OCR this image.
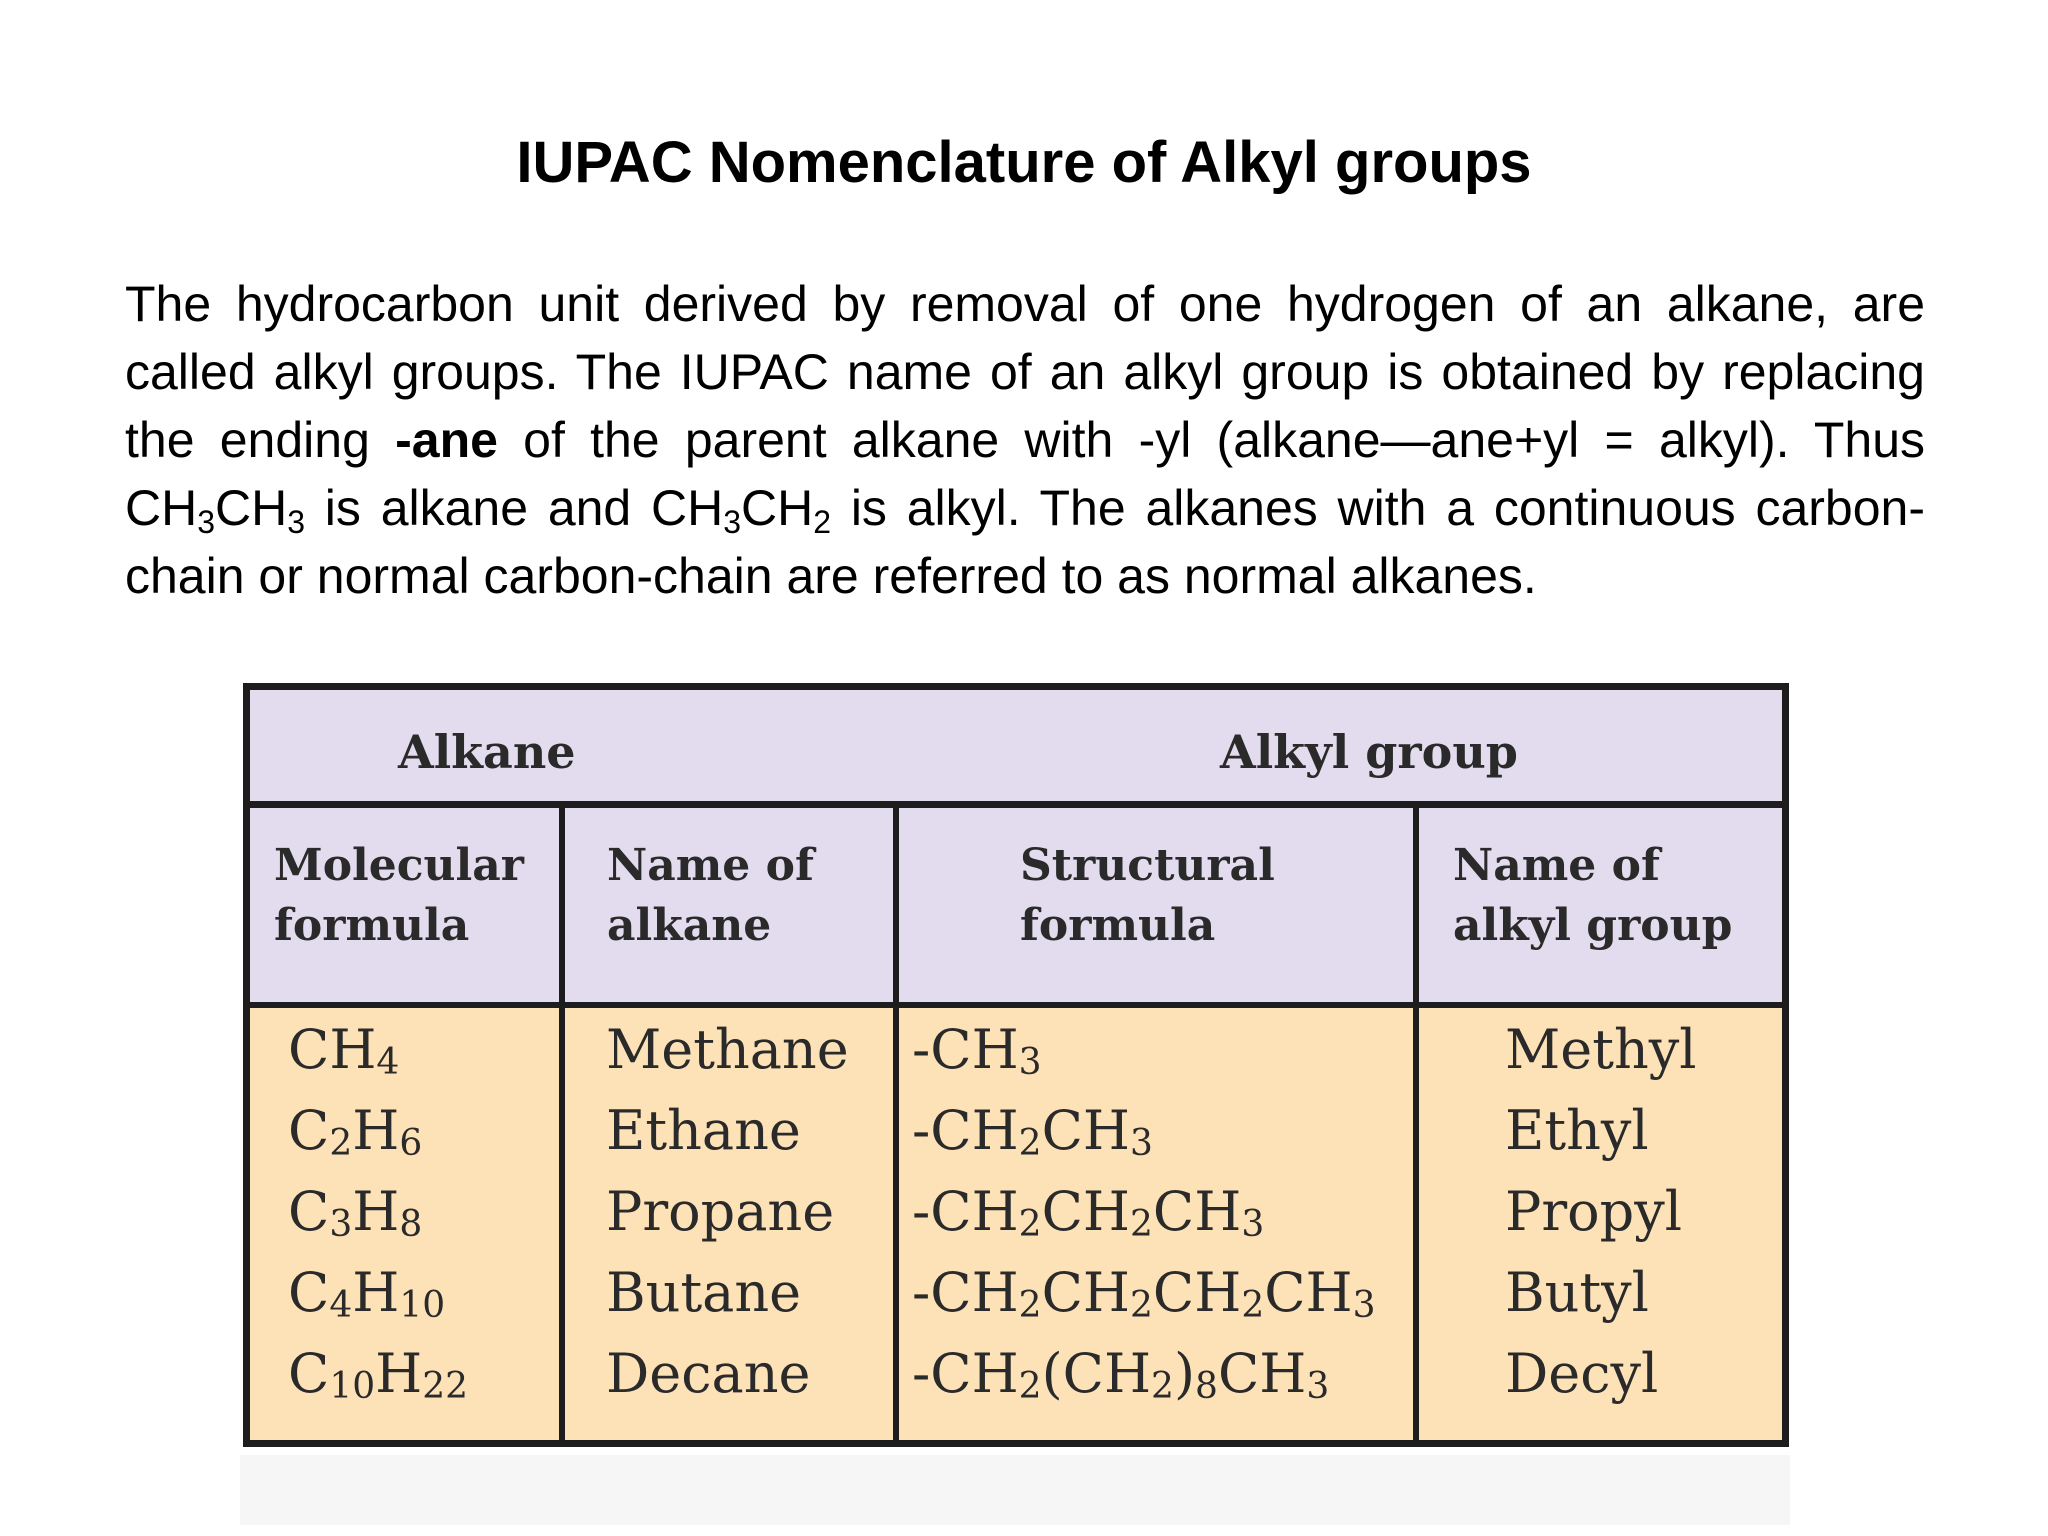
IUPAC Nomenclature of Alkyl groups

The hydrocarbon unit derived by removal of one hydrogen of an alkane, are called alkyl groups. The IUPAC name of an alkyl group is obtained by replacing the ending -ane of the parent alkane with -yl (alkane—ane+yl = alkyl). Thus $CH_3CH_3$ is alkane and $CH_3CH_2$ is alkyl. The alkanes with a continuous carbon-chain or normal carbon-chain are referred to as normal alkanes.

Alkane	Alkyl group
Molecular
formula
Name of
alkane
Structural
formula
Name of
alkyl group
$CH_4$
$C_2H_6$
$C_3H_8$
$C_4H_{10}$
$C_{10}H_{22}$
Methane
Ethane
Propane
Butane
Decane
$-CH_3$
$-CH_2CH_3$
$-CH_2CH_2CH_3$
$-CH_2CH_2CH_2CH_3$
$-CH_2(CH_2)_8CH_3$
Methyl
Ethyl
Propyl
Butyl
Decyl
